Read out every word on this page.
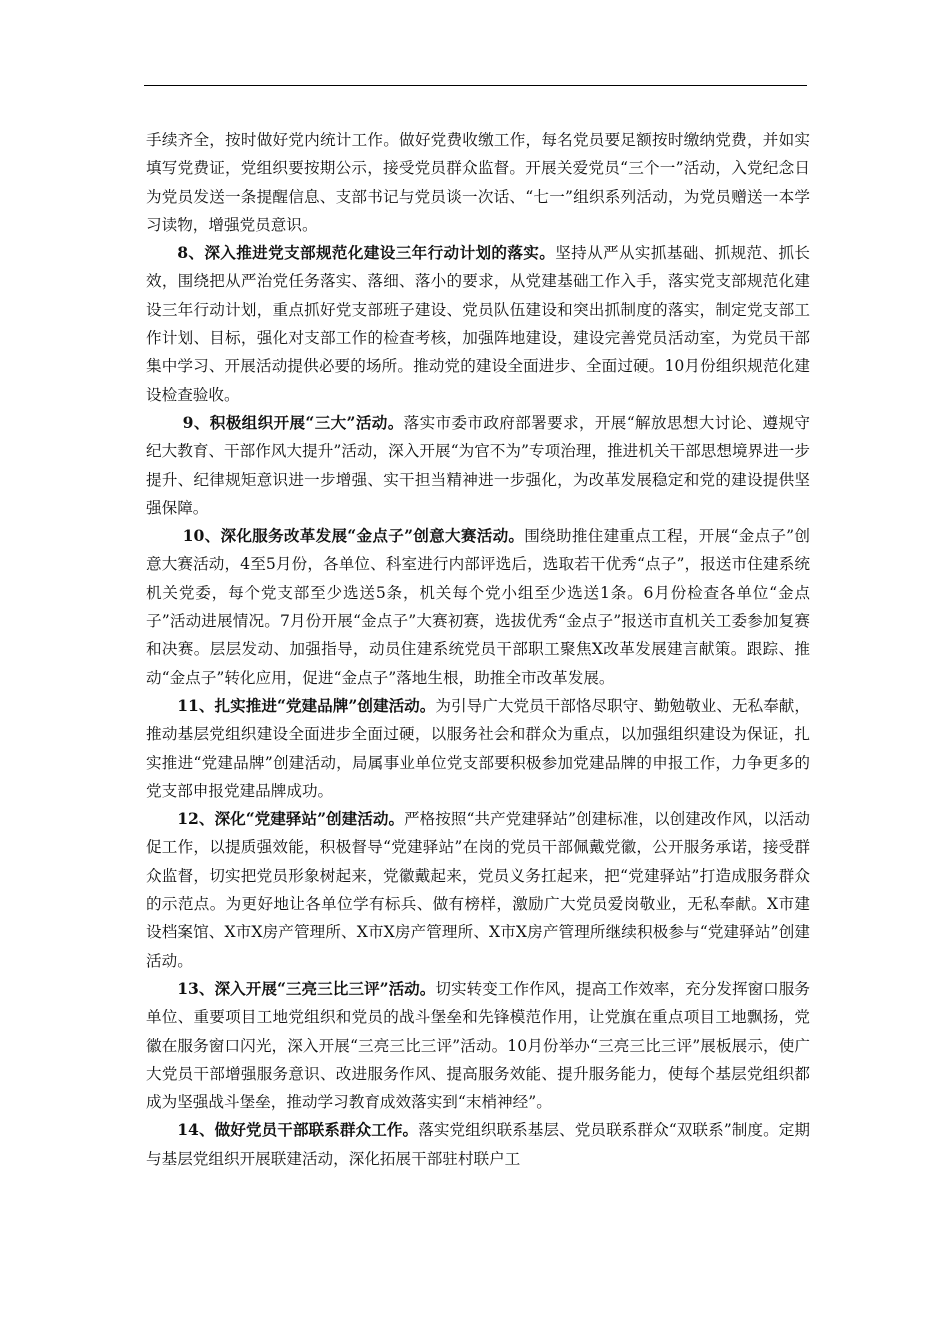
手续齐全，按时做好党内统计工作。做好党费收缴工作，每名党员要足额按时缴纳党费，并如实填写党费证，党组织要按期公示，接受党员群众监督。开展关爱党员“三个一”活动，入党纪念日为党员发送一条提醒信息、支部书记与党员谈一次话、“七一”组织系列活动，为党员赠送一本学习读物，增强党员意识。

8、深入推进党支部规范化建设三年行动计划的落实。坚持从严从实抓基础、抓规范、抓长效，围绕把从严治党任务落实、落细、落小的要求，从党建基础工作入手，落实党支部规范化建设三年行动计划，重点抓好党支部班子建设、党员队伍建设和突出抓制度的落实，制定党支部工作计划、目标，强化对支部工作的检查考核，加强阵地建设，建设完善党员活动室，为党员干部集中学习、开展活动提供必要的场所。推动党的建设全面进步、全面过硬。10月份组织规范化建设检查验收。

9、积极组织开展“三大”活动。落实市委市政府部署要求，开展“解放思想大讨论、遵规守纪大教育、干部作风大提升”活动，深入开展“为官不为”专项治理，推进机关干部思想境界进一步提升、纪律规矩意识进一步增强、实干担当精神进一步强化，为改革发展稳定和党的建设提供坚强保障。

10、深化服务改革发展“金点子”创意大赛活动。围绕助推住建重点工程，开展“金点子”创意大赛活动，4至5月份，各单位、科室进行内部评选后，选取若干优秀“点子”，报送市住建系统机关党委，每个党支部至少选送5条，机关每个党小组至少选送1条。6月份检查各单位“金点子”活动进展情况。7月份开展“金点子”大赛初赛，选拔优秀“金点子”报送市直机关工委参加复赛和决赛。层层发动、加强指导，动员住建系统党员干部职工聚焦X改革发展建言献策。跟踪、推动“金点子”转化应用，促进“金点子”落地生根，助推全市改革发展。

11、扎实推进“党建品牌”创建活动。为引导广大党员干部恪尽职守、勤勉敬业、无私奉献，推动基层党组织建设全面进步全面过硬，以服务社会和群众为重点，以加强组织建设为保证，扎实推进“党建品牌”创建活动，局属事业单位党支部要积极参加党建品牌的申报工作，力争更多的党支部申报党建品牌成功。

12、深化“党建驿站”创建活动。严格按照“共产党建驿站”创建标准，以创建改作风，以活动促工作，以提质强效能，积极督导“党建驿站”在岗的党员干部佩戴党徽，公开服务承诺，接受群众监督，切实把党员形象树起来，党徽戴起来，党员义务扛起来，把“党建驿站”打造成服务群众的示范点。为更好地让各单位学有标兵、做有榜样，激励广大党员爱岗敬业，无私奉献。X市建设档案馆、X市X房产管理所、X市X房产管理所、X市X房产管理所继续积极参与“党建驿站”创建活动。

13、深入开展“三亮三比三评”活动。切实转变工作作风，提高工作效率，充分发挥窗口服务单位、重要项目工地党组织和党员的战斗堡垒和先锋模范作用，让党旗在重点项目工地飘扬，党徽在服务窗口闪光，深入开展“三亮三比三评”活动。10月份举办“三亮三比三评”展板展示，使广大党员干部增强服务意识、改进服务作风、提高服务效能、提升服务能力，使每个基层党组织都成为坚强战斗堡垒，推动学习教育成效落实到“末梢神经”。

14、做好党员干部联系群众工作。落实党组织联系基层、党员联系群众“双联系”制度。定期与基层党组织开展联建活动，深化拓展干部驻村联户工
